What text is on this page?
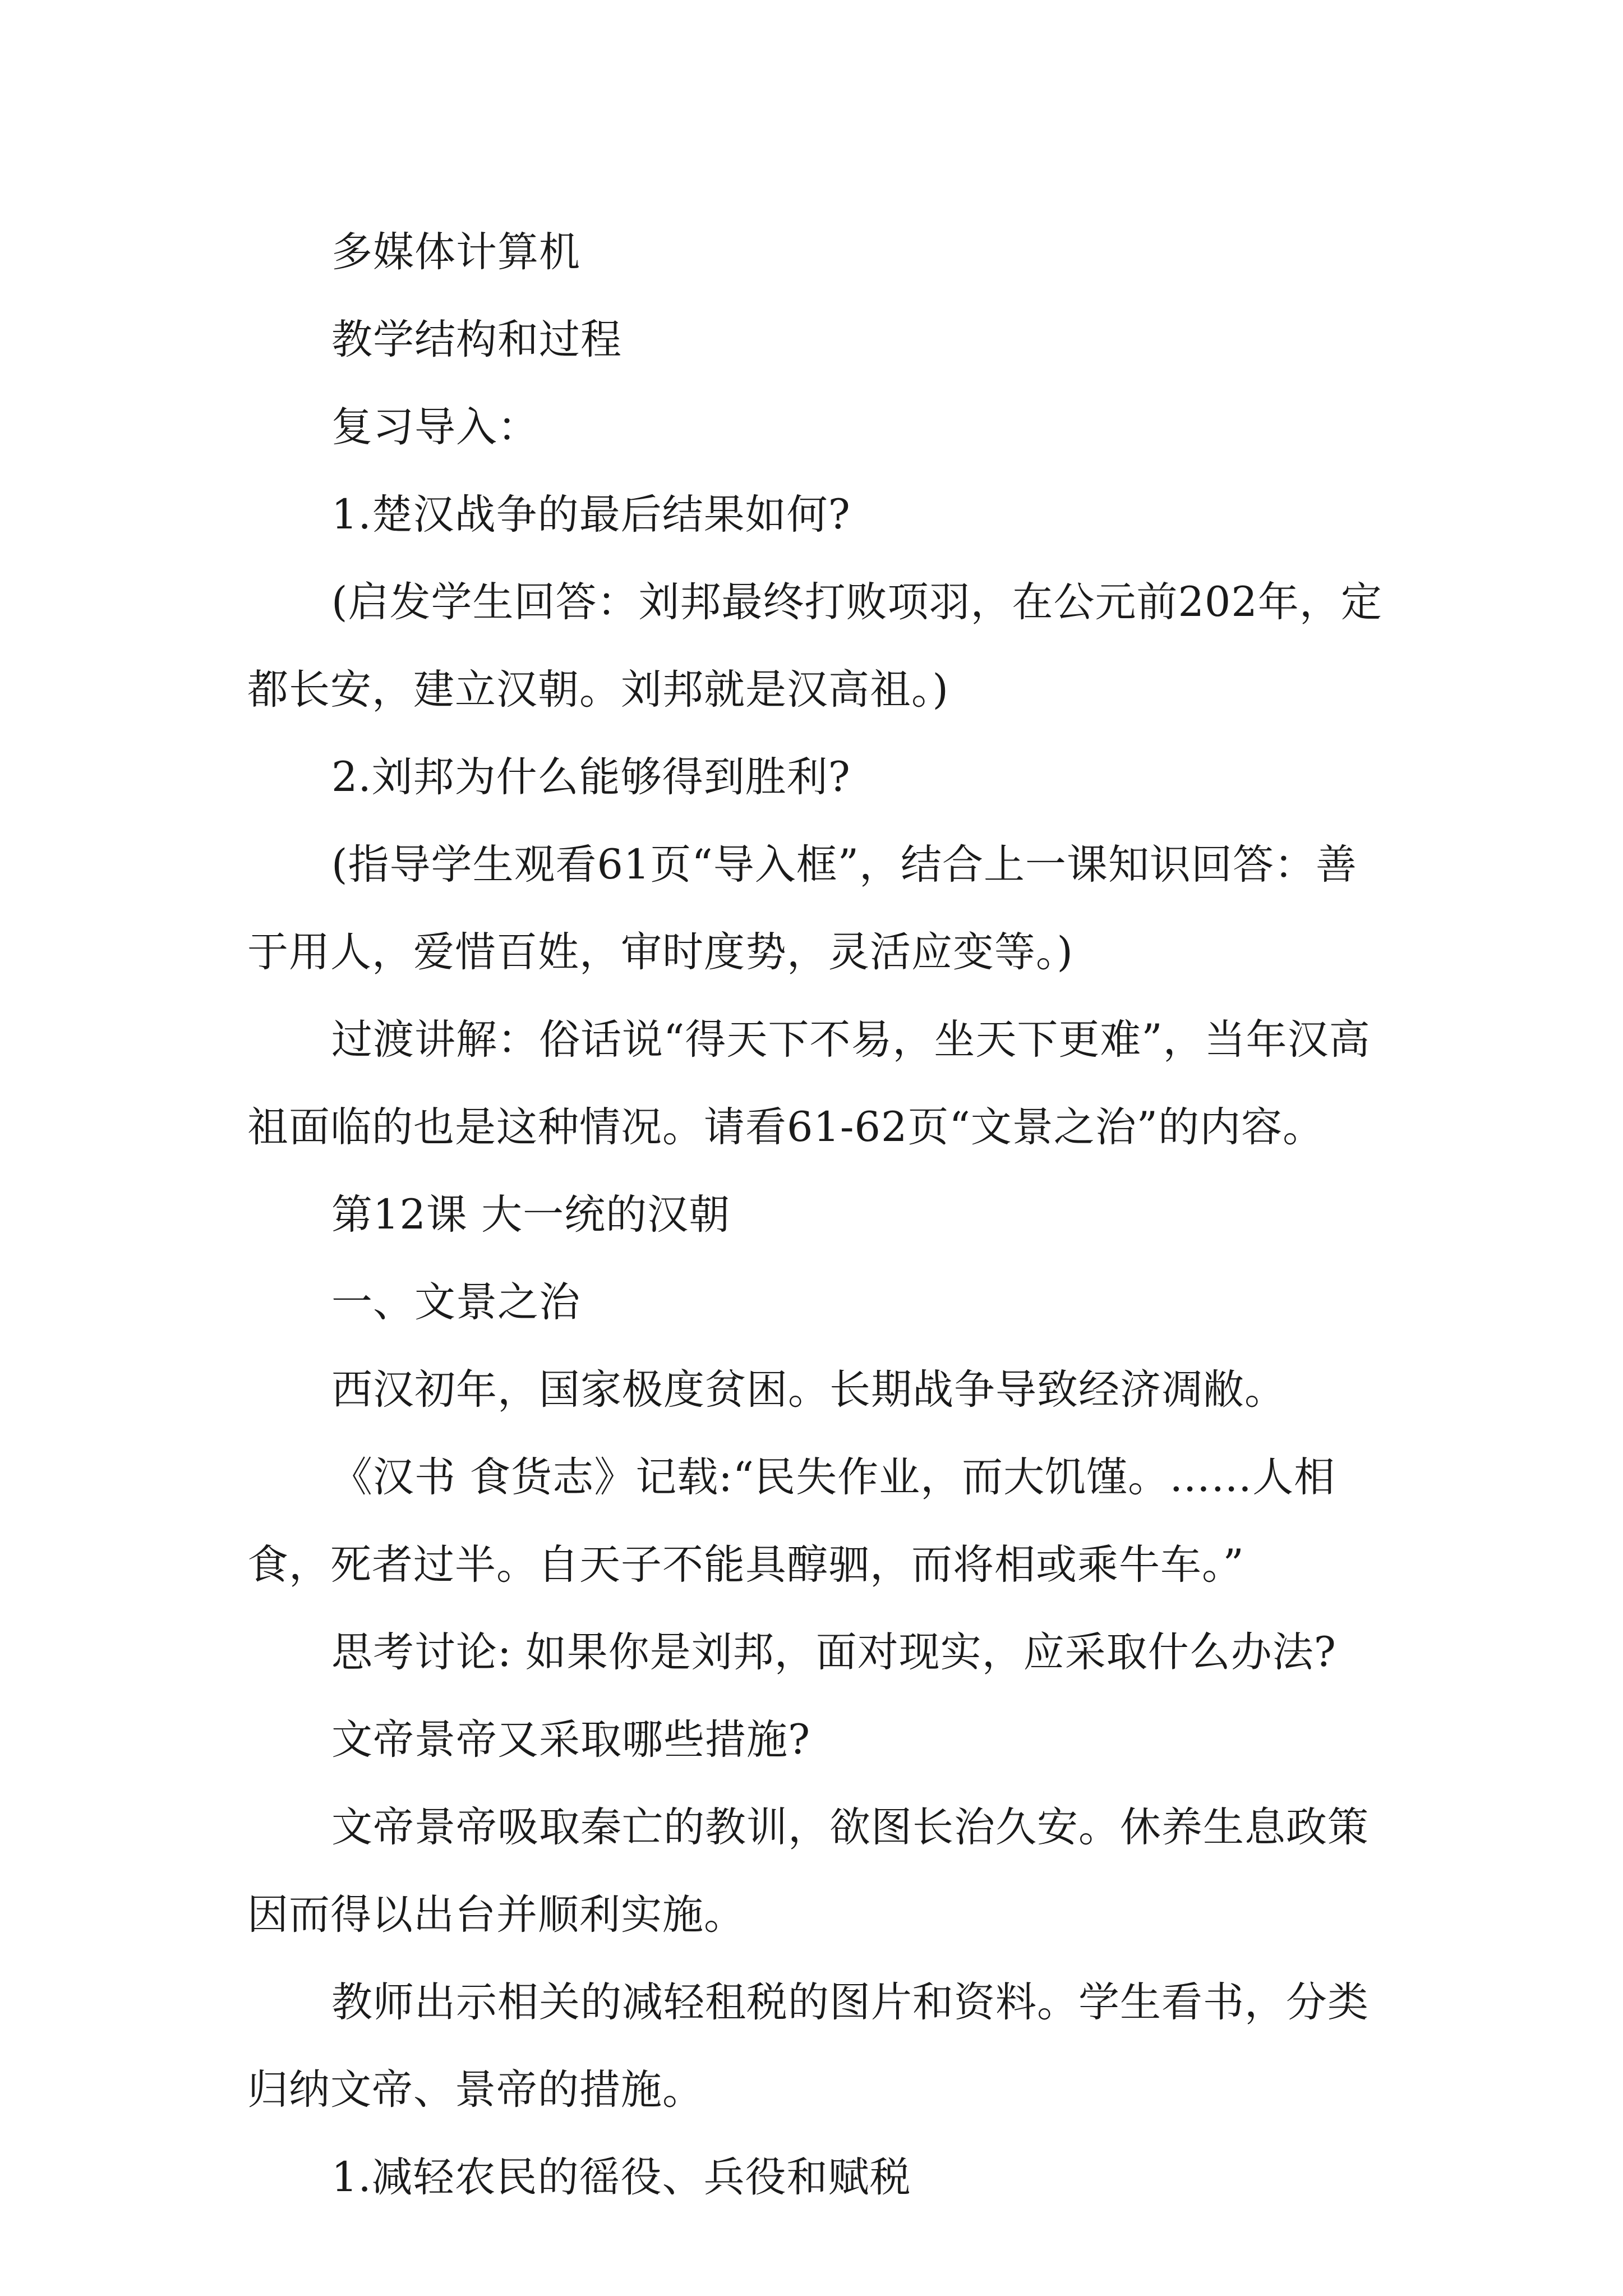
多媒体计算机

教学结构和过程

复习导入：

1.楚汉战争的最后结果如何?

(启发学生回答：刘邦最终打败项羽，在公元前202年，定都长安，建立汉朝。刘邦就是汉高祖。)

2.刘邦为什么能够得到胜利?

(指导学生观看61页“导入框”，结合上一课知识回答：善于用人，爱惜百姓，审时度势，灵活应变等。)

过渡讲解：俗话说“得天下不易，坐天下更难”，当年汉高祖面临的也是这种情况。请看61-62页“文景之治”的内容。

第12课 大一统的汉朝

一、文景之治

西汉初年，国家极度贫困。长期战争导致经济凋敝。

《汉书 食货志》记载:“民失作业，而大饥馑。……人相食，死者过半。自天子不能具醇驷，而将相或乘牛车。”

思考讨论: 如果你是刘邦，面对现实，应采取什么办法?

文帝景帝又采取哪些措施?

文帝景帝吸取秦亡的教训，欲图长治久安。休养生息政策因而得以出台并顺利实施。

教师出示相关的减轻租税的图片和资料。学生看书，分类归纳文帝、景帝的措施。

1.减轻农民的徭役、兵役和赋税
